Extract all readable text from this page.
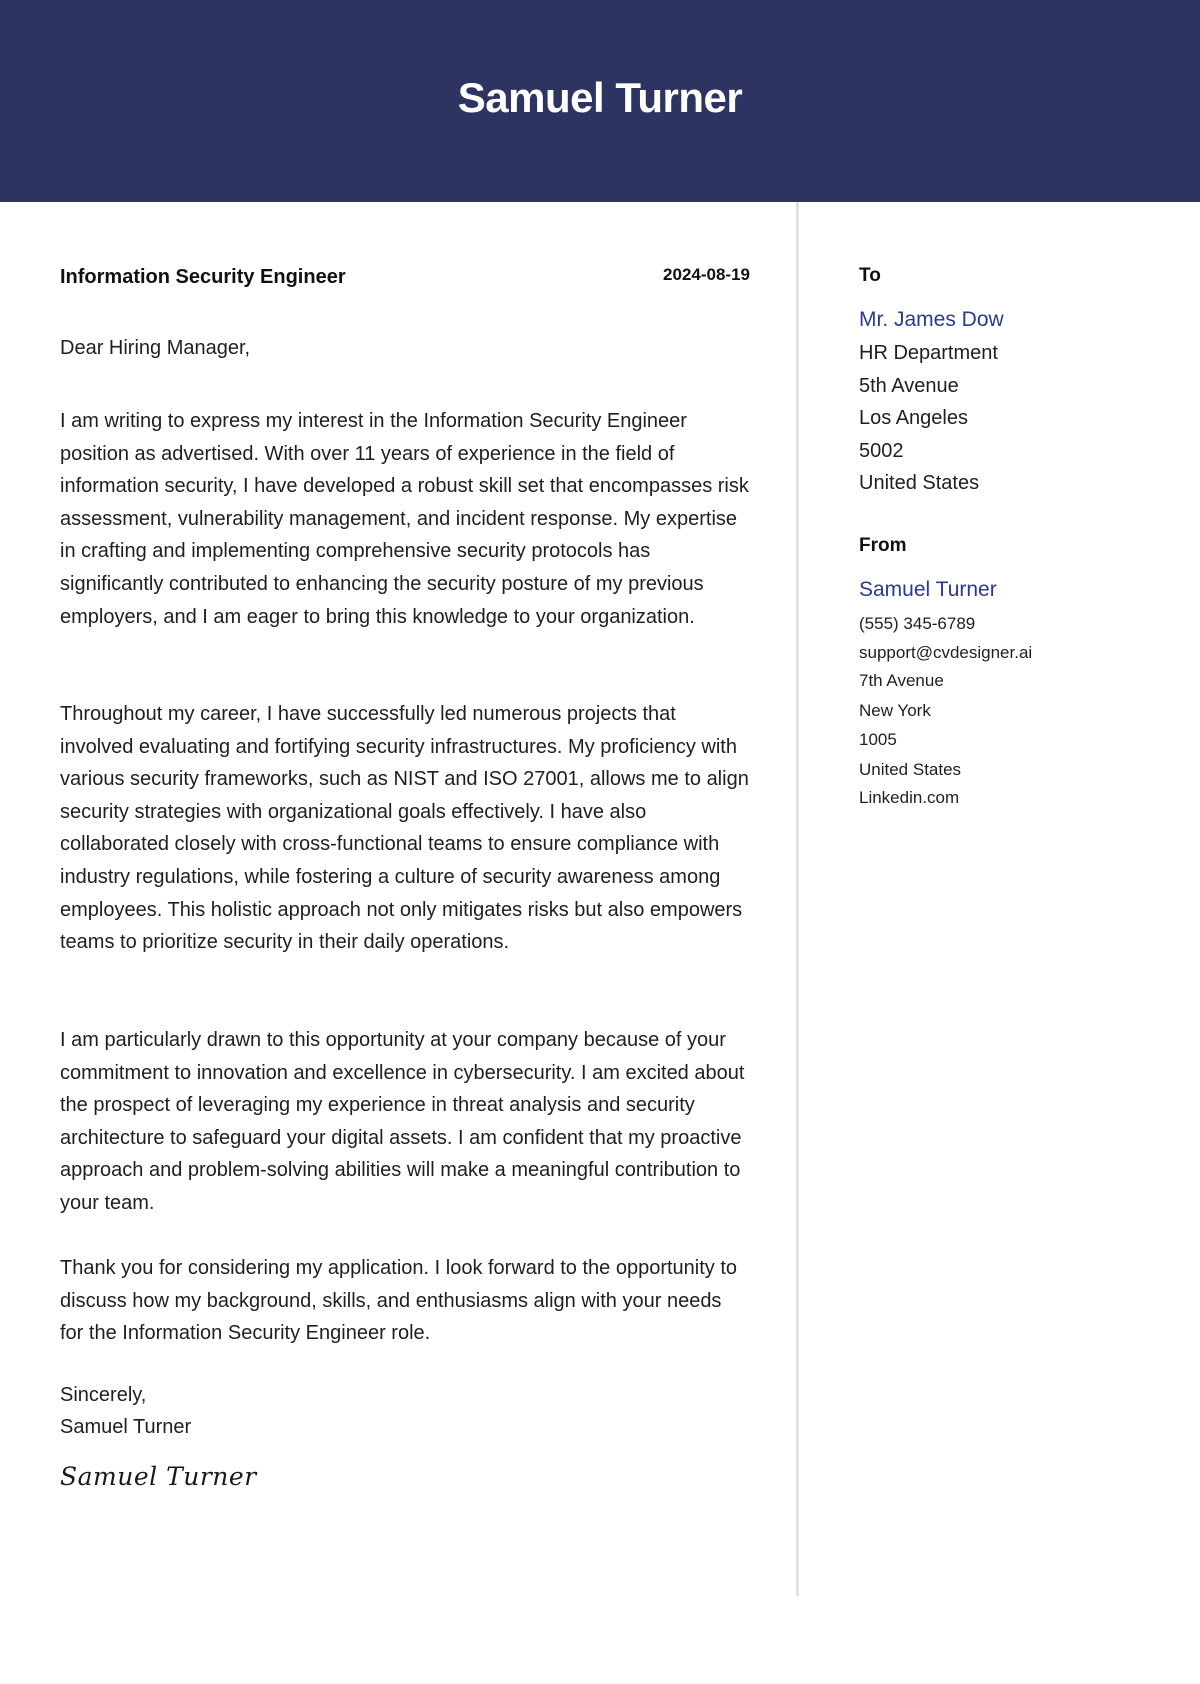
Samuel Turner
Information Security Engineer	2024-08-19
Dear Hiring Manager,

I am writing to express my interest in the Information Security Engineer position as advertised. With over 11 years of experience in the field of information security, I have developed a robust skill set that encompasses risk assessment, vulnerability management, and incident response. My expertise in crafting and implementing comprehensive security protocols has significantly contributed to enhancing the security posture of my previous employers, and I am eager to bring this knowledge to your organization.

Throughout my career, I have successfully led numerous projects that involved evaluating and fortifying security infrastructures. My proficiency with various security frameworks, such as NIST and ISO 27001, allows me to align security strategies with organizational goals effectively. I have also collaborated closely with cross-functional teams to ensure compliance with industry regulations, while fostering a culture of security awareness among employees. This holistic approach not only mitigates risks but also empowers teams to prioritize security in their daily operations.

I am particularly drawn to this opportunity at your company because of your commitment to innovation and excellence in cybersecurity. I am excited about the prospect of leveraging my experience in threat analysis and security architecture to safeguard your digital assets. I am confident that my proactive approach and problem-solving abilities will make a meaningful contribution to your team.

Thank you for considering my application. I look forward to the opportunity to discuss how my background, skills, and enthusiasms align with your needs for the Information Security Engineer role.

Sincerely,
Samuel Turner
Samuel Turner
To
Mr. James Dow
HR Department
5th Avenue
Los Angeles
5002
United States
From
Samuel Turner
(555) 345-6789
support@cvdesigner.ai
7th Avenue
New York
1005
United States
Linkedin.com
